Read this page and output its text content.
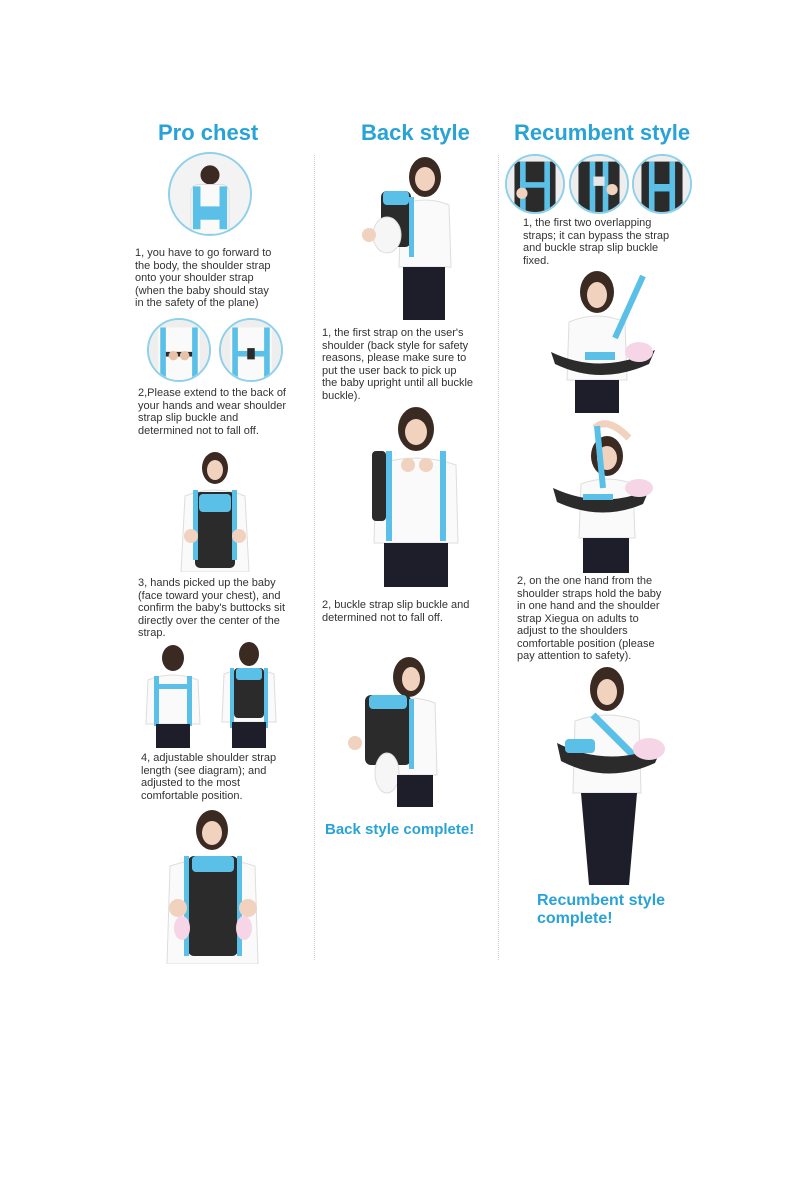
Pro chest	Back style Recumbent style

1, you have to go forward to
the body, the shoulder strap
onto your shoulder strap
(when the baby should stay
in the safety of the plane)

2,Please extend to the back of
your hands and wear shoulder
strap slip buckle and
determined not to fall off.

3, hands picked up the baby
(face toward your chest), and
confirm the baby's buttocks sit
directly over the center of the
strap.

4, adjustable shoulder strap
length (see diagram); and
adjusted to the most
comfortable position.

1, the first strap on the user's
shoulder (back style for safety
reasons, please make sure to
put the user back to pick up
the baby upright until all buckle
buckle).

2, buckle strap slip buckle and
determined not to fall off.

Back style complete!

1, the first two overlapping
straps; it can bypass the strap
and buckle strap slip buckle
fixed.

2, on the one hand from the
shoulder straps hold the baby
in one hand and the shoulder
strap Xiegua on adults to
adjust to the shoulders
comfortable position (please
pay attention to safety).

Recumbent style
complete!
